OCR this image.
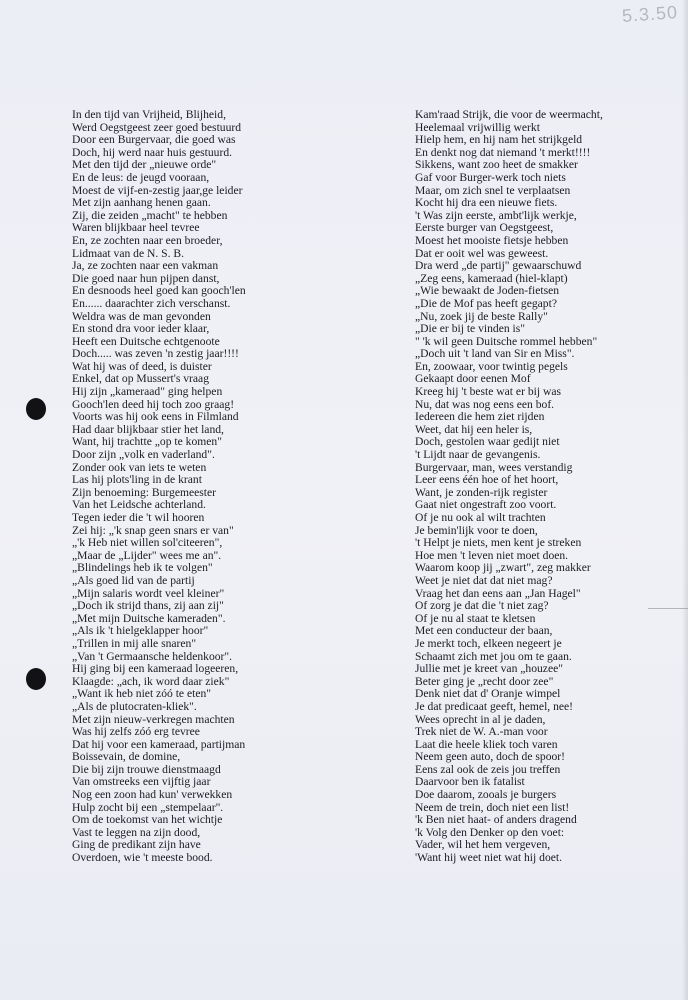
5.3.50
In den tijd van Vrijheid, Blijheid,
Werd Oegstgeest zeer goed bestuurd
Door een Burgervaar, die goed was
Doch, hij werd naar huis gestuurd.
Met den tijd der „nieuwe orde"
En de leus: de jeugd vooraan,
Moest de vijf-en-zestig jaar,ge leider
Met zijn aanhang henen gaan.
Zij, die zeiden „macht" te hebben
Waren blijkbaar heel tevree
En, ze zochten naar een broeder,
Lidmaat van de N. S. B.
Ja, ze zochten naar een vakman
Die goed naar hun pijpen danst,
En desnoods heel goed kan gooch'len
En...... daarachter zich verschanst.
Weldra was de man gevonden
En stond dra voor ieder klaar,
Heeft een Duitsche echtgenoote
Doch..... was zeven 'n zestig jaar!!!!
Wat hij was of deed, is duister
Enkel, dat op Mussert's vraag
Hij zijn „kameraad" ging helpen
Gooch'len deed hij toch zoo graag!
Voorts was hij ook eens in Filmland
Had daar blijkbaar stier het land,
Want, hij trachtte „op te komen"
Door zijn „volk en vaderland".
Zonder ook van iets te weten
Las hij plots'ling in de krant
Zijn benoeming: Burgemeester
Van het Leidsche achterland.
Tegen ieder die 't wil hooren
Zei hij: „'k snap geen snars er van"
„'k Heb niet willen sol'citeeren",
„Maar de „Lijder" wees me an".
„Blindelings heb ik te volgen"
„Als goed lid van de partij
„Mijn salaris wordt veel kleiner"
„Doch ik strijd thans, zij aan zij"
„Met mijn Duitsche kameraden".
„Als ik 't hielgeklapper hoor"
„Trillen in mij alle snaren"
„Van 't Germaansche heldenkoor".
Hij ging bij een kameraad logeeren,
Klaagde: „ach, ik word daar ziek"
„Want ik heb niet zóó te eten"
„Als de plutocraten-kliek".
Met zijn nieuw-verkregen machten
Was hij zelfs zóó erg tevree
Dat hij voor een kameraad, partijman
Boissevain, de domine,
Die bij zijn trouwe dienstmaagd
Van omstreeks een vijftig jaar
Nog een zoon had kun' verwekken
Hulp zocht bij een „stempelaar".
Om de toekomst van het wichtje
Vast te leggen na zijn dood,
Ging de predikant zijn have
Overdoen, wie 't meeste bood.
Kam'raad Strijk, die voor de weermacht,
Heelemaal vrijwillig werkt
Hielp hem, en hij nam het strijkgeld
En denkt nog dat niemand 't merkt!!!!
Sikkens, want zoo heet de smakker
Gaf voor Burger-werk toch niets
Maar, om zich snel te verplaatsen
Kocht hij dra een nieuwe fiets.
't Was zijn eerste, ambt'lijk werkje,
Eerste burger van Oegstgeest,
Moest het mooiste fietsje hebben
Dat er ooit wel was geweest.
Dra werd „de partij" gewaarschuwd
„Zeg eens, kameraad (hiel-klapt)
„Wie bewaakt de Joden-fietsen
„Die de Mof pas heeft gegapt?
„Nu, zoek jij de beste Rally"
„Die er bij te vinden is"
" 'k wil geen Duitsche rommel hebben"
„Doch uit 't land van Sir en Miss".
En, zoowaar, voor twintig pegels
Gekaapt door eenen Mof
Kreeg hij 't beste wat er bij was
Nu, dat was nog eens een bof.
Iedereen die hem ziet rijden
Weet, dat hij een heler is,
Doch, gestolen waar gedijt niet
't Lijdt naar de gevangenis.
Burgervaar, man, wees verstandig
Leer eens één hoe of het hoort,
Want, je zonden-rijk register
Gaat niet ongestraft zoo voort.
Of je nu ook al wilt trachten
Je bemin'lijk voor te doen,
't Helpt je niets, men kent je streken
Hoe men 't leven niet moet doen.
Waarom koop jij „zwart", zeg makker
Weet je niet dat dat niet mag?
Vraag het dan eens aan „Jan Hagel"
Of zorg je dat die 't niet zag?
Of je nu al staat te kletsen
Met een conducteur der baan,
Je merkt toch, elkeen negeert je
Schaamt zich met jou om te gaan.
Jullie met je kreet van „houzee"
Beter ging je „recht door zee"
Denk niet dat d' Oranje wimpel
Je dat predicaat geeft, hemel, nee!
Wees oprecht in al je daden,
Trek niet de W. A.-man voor
Laat die heele kliek toch varen
Neem geen auto, doch de spoor!
Eens zal ook de zeis jou treffen
Daarvoor ben ik fatalist
Doe daarom, zooals je burgers
Neem de trein, doch niet een list!
'k Ben niet haat- of anders dragend
'k Volg den Denker op den voet:
Vader, wil het hem vergeven,
'Want hij weet niet wat hij doet.
